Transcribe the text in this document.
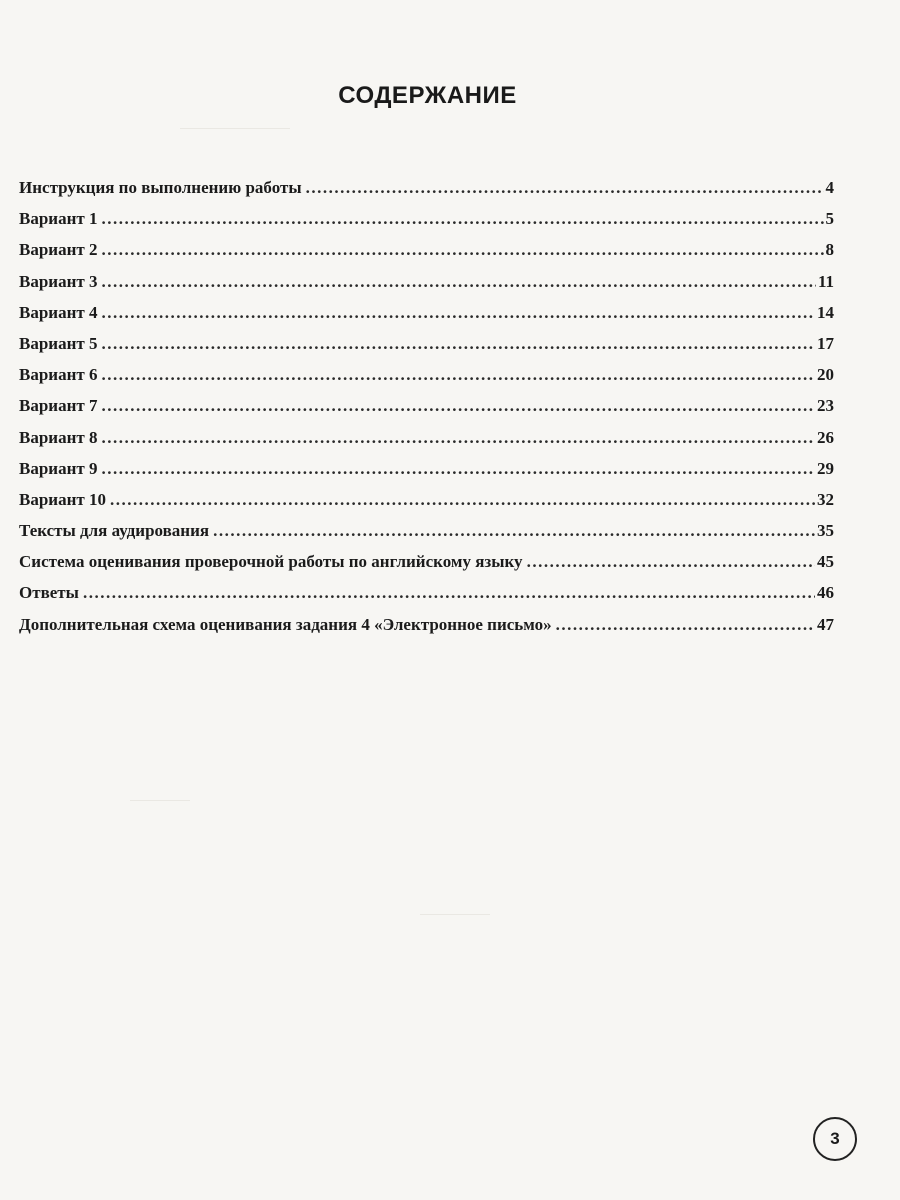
СОДЕРЖАНИЕ
Инструкция по выполнению работы .....	4
Вариант 1 .....	5
Вариант 2 .....	8
Вариант 3 .....	11
Вариант 4 .....	14
Вариант 5 .....	17
Вариант 6 .....	20
Вариант 7 .....	23
Вариант 8 .....	26
Вариант 9 .....	29
Вариант 10 .....	32
Тексты для аудирования .....	35
Система оценивания проверочной работы по английскому языку .....	45
Ответы .....	46
Дополнительная схема оценивания задания 4 «Электронное письмо» .....	47
3
